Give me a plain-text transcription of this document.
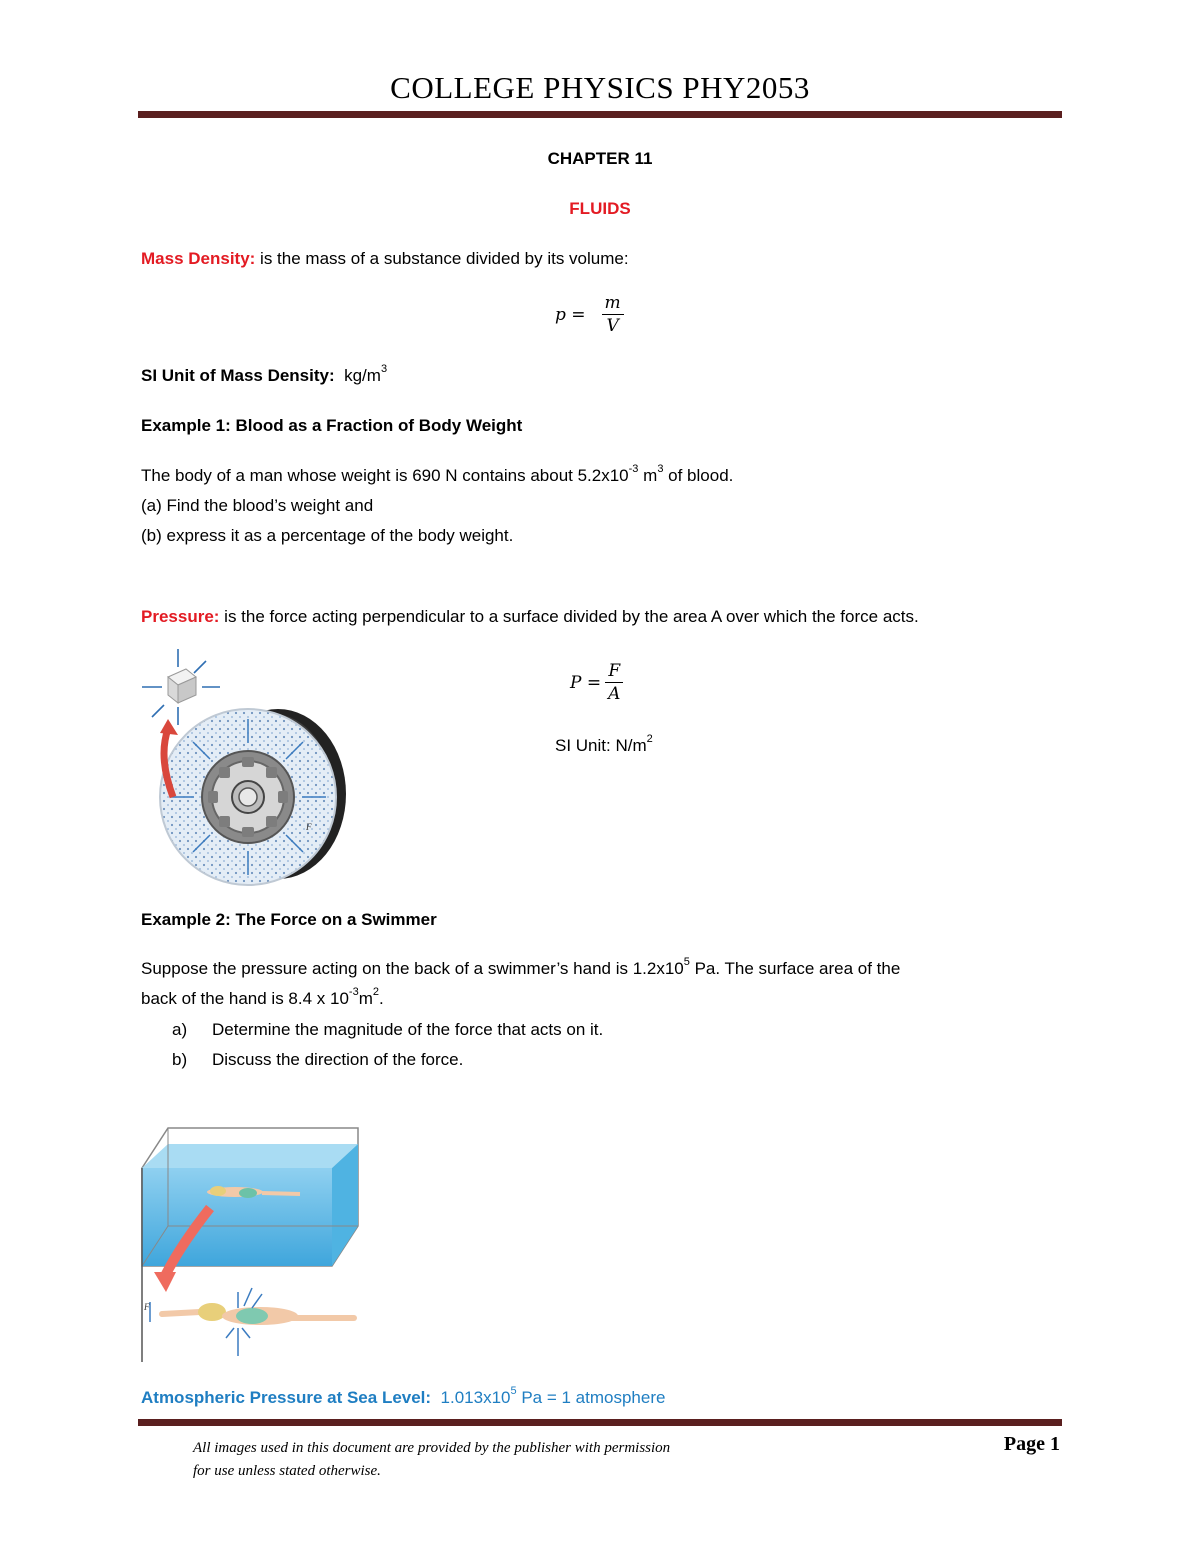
COLLEGE PHYSICS PHY2053
CHAPTER 11
FLUIDS
Mass Density: is the mass of a substance divided by its volume:
$p = \frac{m}{V}$
SI Unit of Mass Density: $kg/m^3$
Example 1: Blood as a Fraction of Body Weight
The body of a man whose weight is 690 N contains about $5.2x10^{-3}$ $m^3$ of blood.
(a) Find the blood’s weight and
(b) express it as a percentage of the body weight.
Pressure: is the force acting perpendicular to a surface divided by the area A over which the force acts.
$P = \frac{F}{A}$
SI Unit: $N/m^2$
F
Example 2: The Force on a Swimmer
Suppose the pressure acting on the back of a swimmer’s hand is $1.2x10^5$ Pa. The surface area of the
back of the hand is 8.4 x $10^{-3}m^2$.
a) Determine the magnitude of the force that acts on it.
b) Discuss the direction of the force.
F
Atmospheric Pressure at Sea Level: $1.013x10^5$ Pa = 1 atmosphere
All images used in this document are provided by the publisher with permission
for use unless stated otherwise.
Page 1
